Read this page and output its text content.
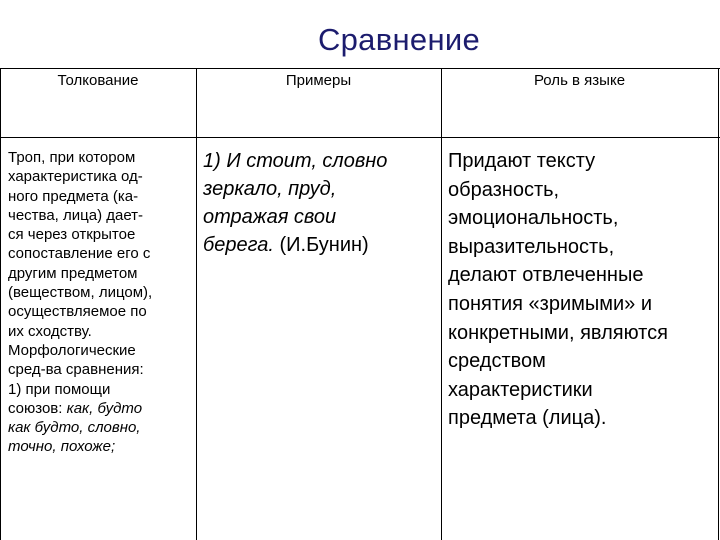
Сравнение
Толкование	Примеры	Роль в языке
Троп, при котором
характеристика од-
ного предмета (ка-
чества, лица) дает-
ся через открытое
сопоставление его с
другим предметом
(веществом, лицом),
осуществляемое по
их сходству.
Морфологические
сред-ва сравнения:
1) при помощи
союзов: как, будто
как будто, словно,
точно, похоже;
1) И стоит, словно
зеркало, пруд,
отражая свои
берега. (И.Бунин)
Придают тексту
образность,
эмоциональность,
выразительность,
делают отвлеченные
понятия «зримыми» и
конкретными, являются
средством
характеристики
предмета (лица).
